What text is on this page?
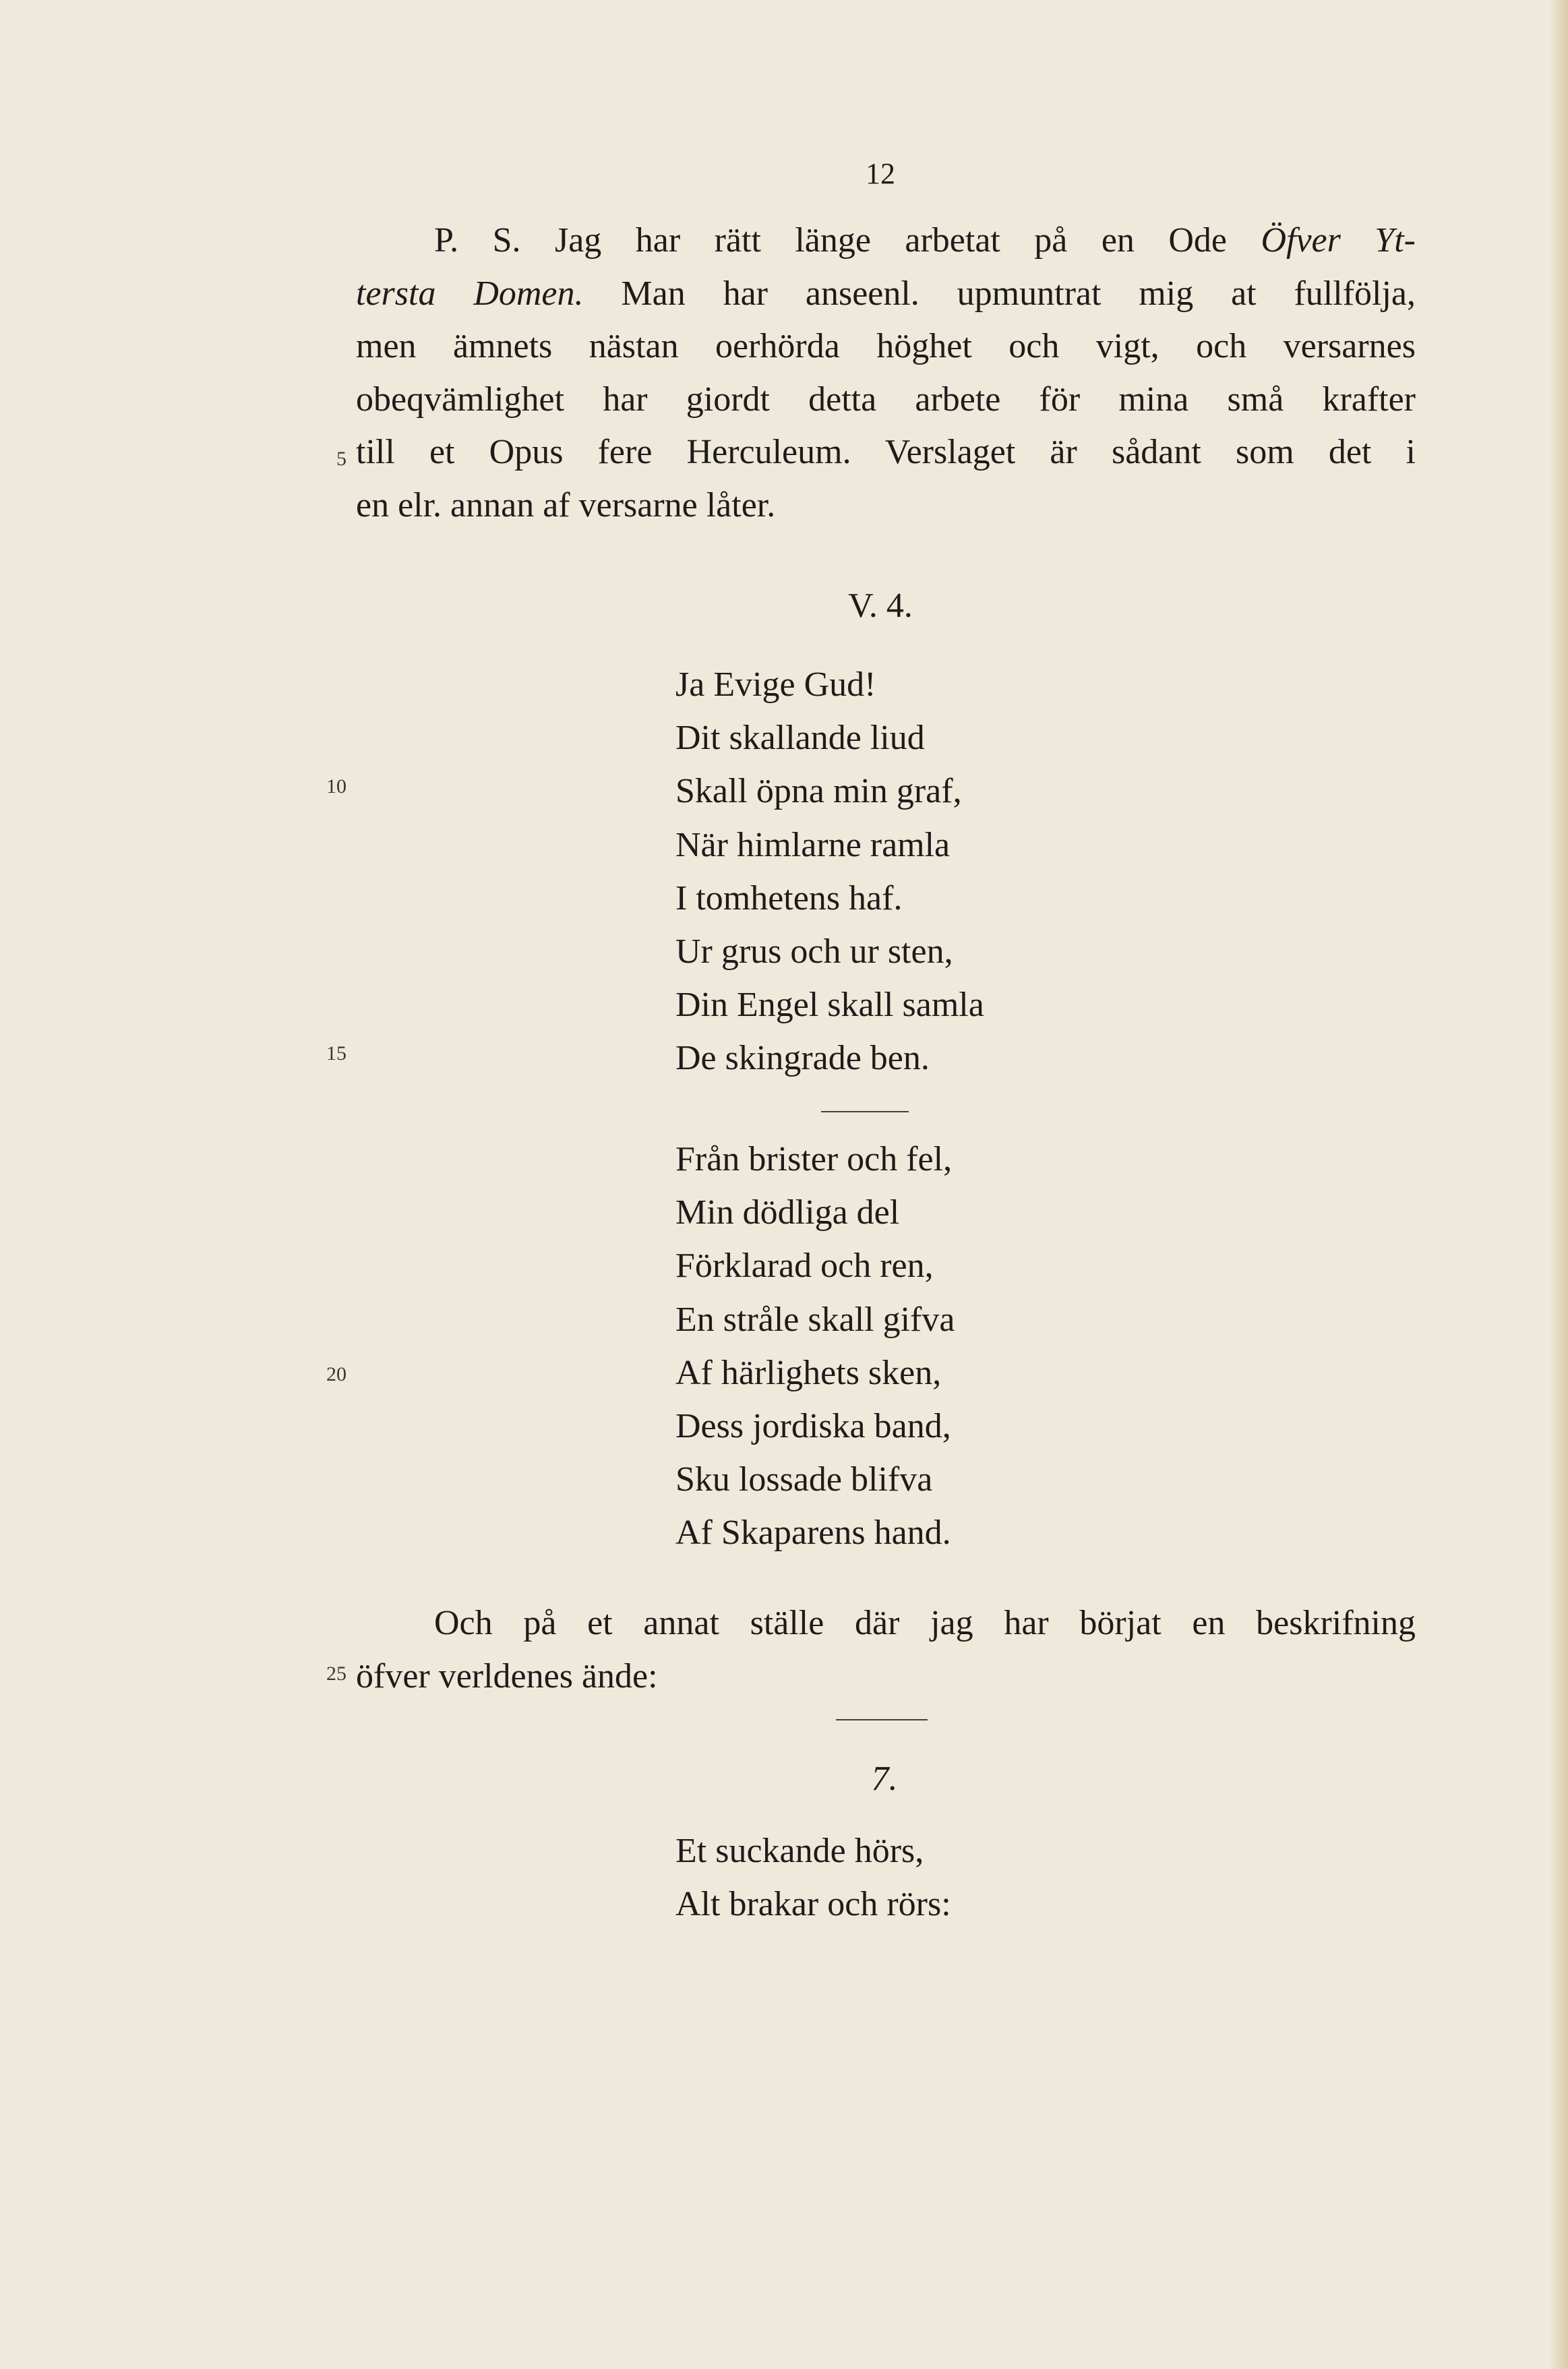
12
P. S. Jag har rätt länge arbetat på en Ode Öfver Yt-
tersta Domen. Man har anseenl. upmuntrat mig at fullfölja,
men ämnets nästan oerhörda höghet och vigt, och versarnes
obeqvämlighet har giordt detta arbete för mina små krafter
till et Opus fere Herculeum. Verslaget är sådant som det i
en elr. annan af versarne låter.
V. 4.
Ja Evige Gud!
Dit skallande liud
Skall öpna min graf,
När himlarne ramla
I tomhetens haf.
Ur grus och ur sten,
Din Engel skall samla
De skingrade ben.
Från brister och fel,
Min dödliga del
Förklarad och ren,
En stråle skall gifva
Af härlighets sken,
Dess jordiska band,
Sku lossade blifva
Af Skaparens hand.
Och på et annat ställe där jag har börjat en beskrifning
öfver verldenes ände:
7.
Et suckande hörs,
Alt brakar och rörs:
5
10
15
20
25
